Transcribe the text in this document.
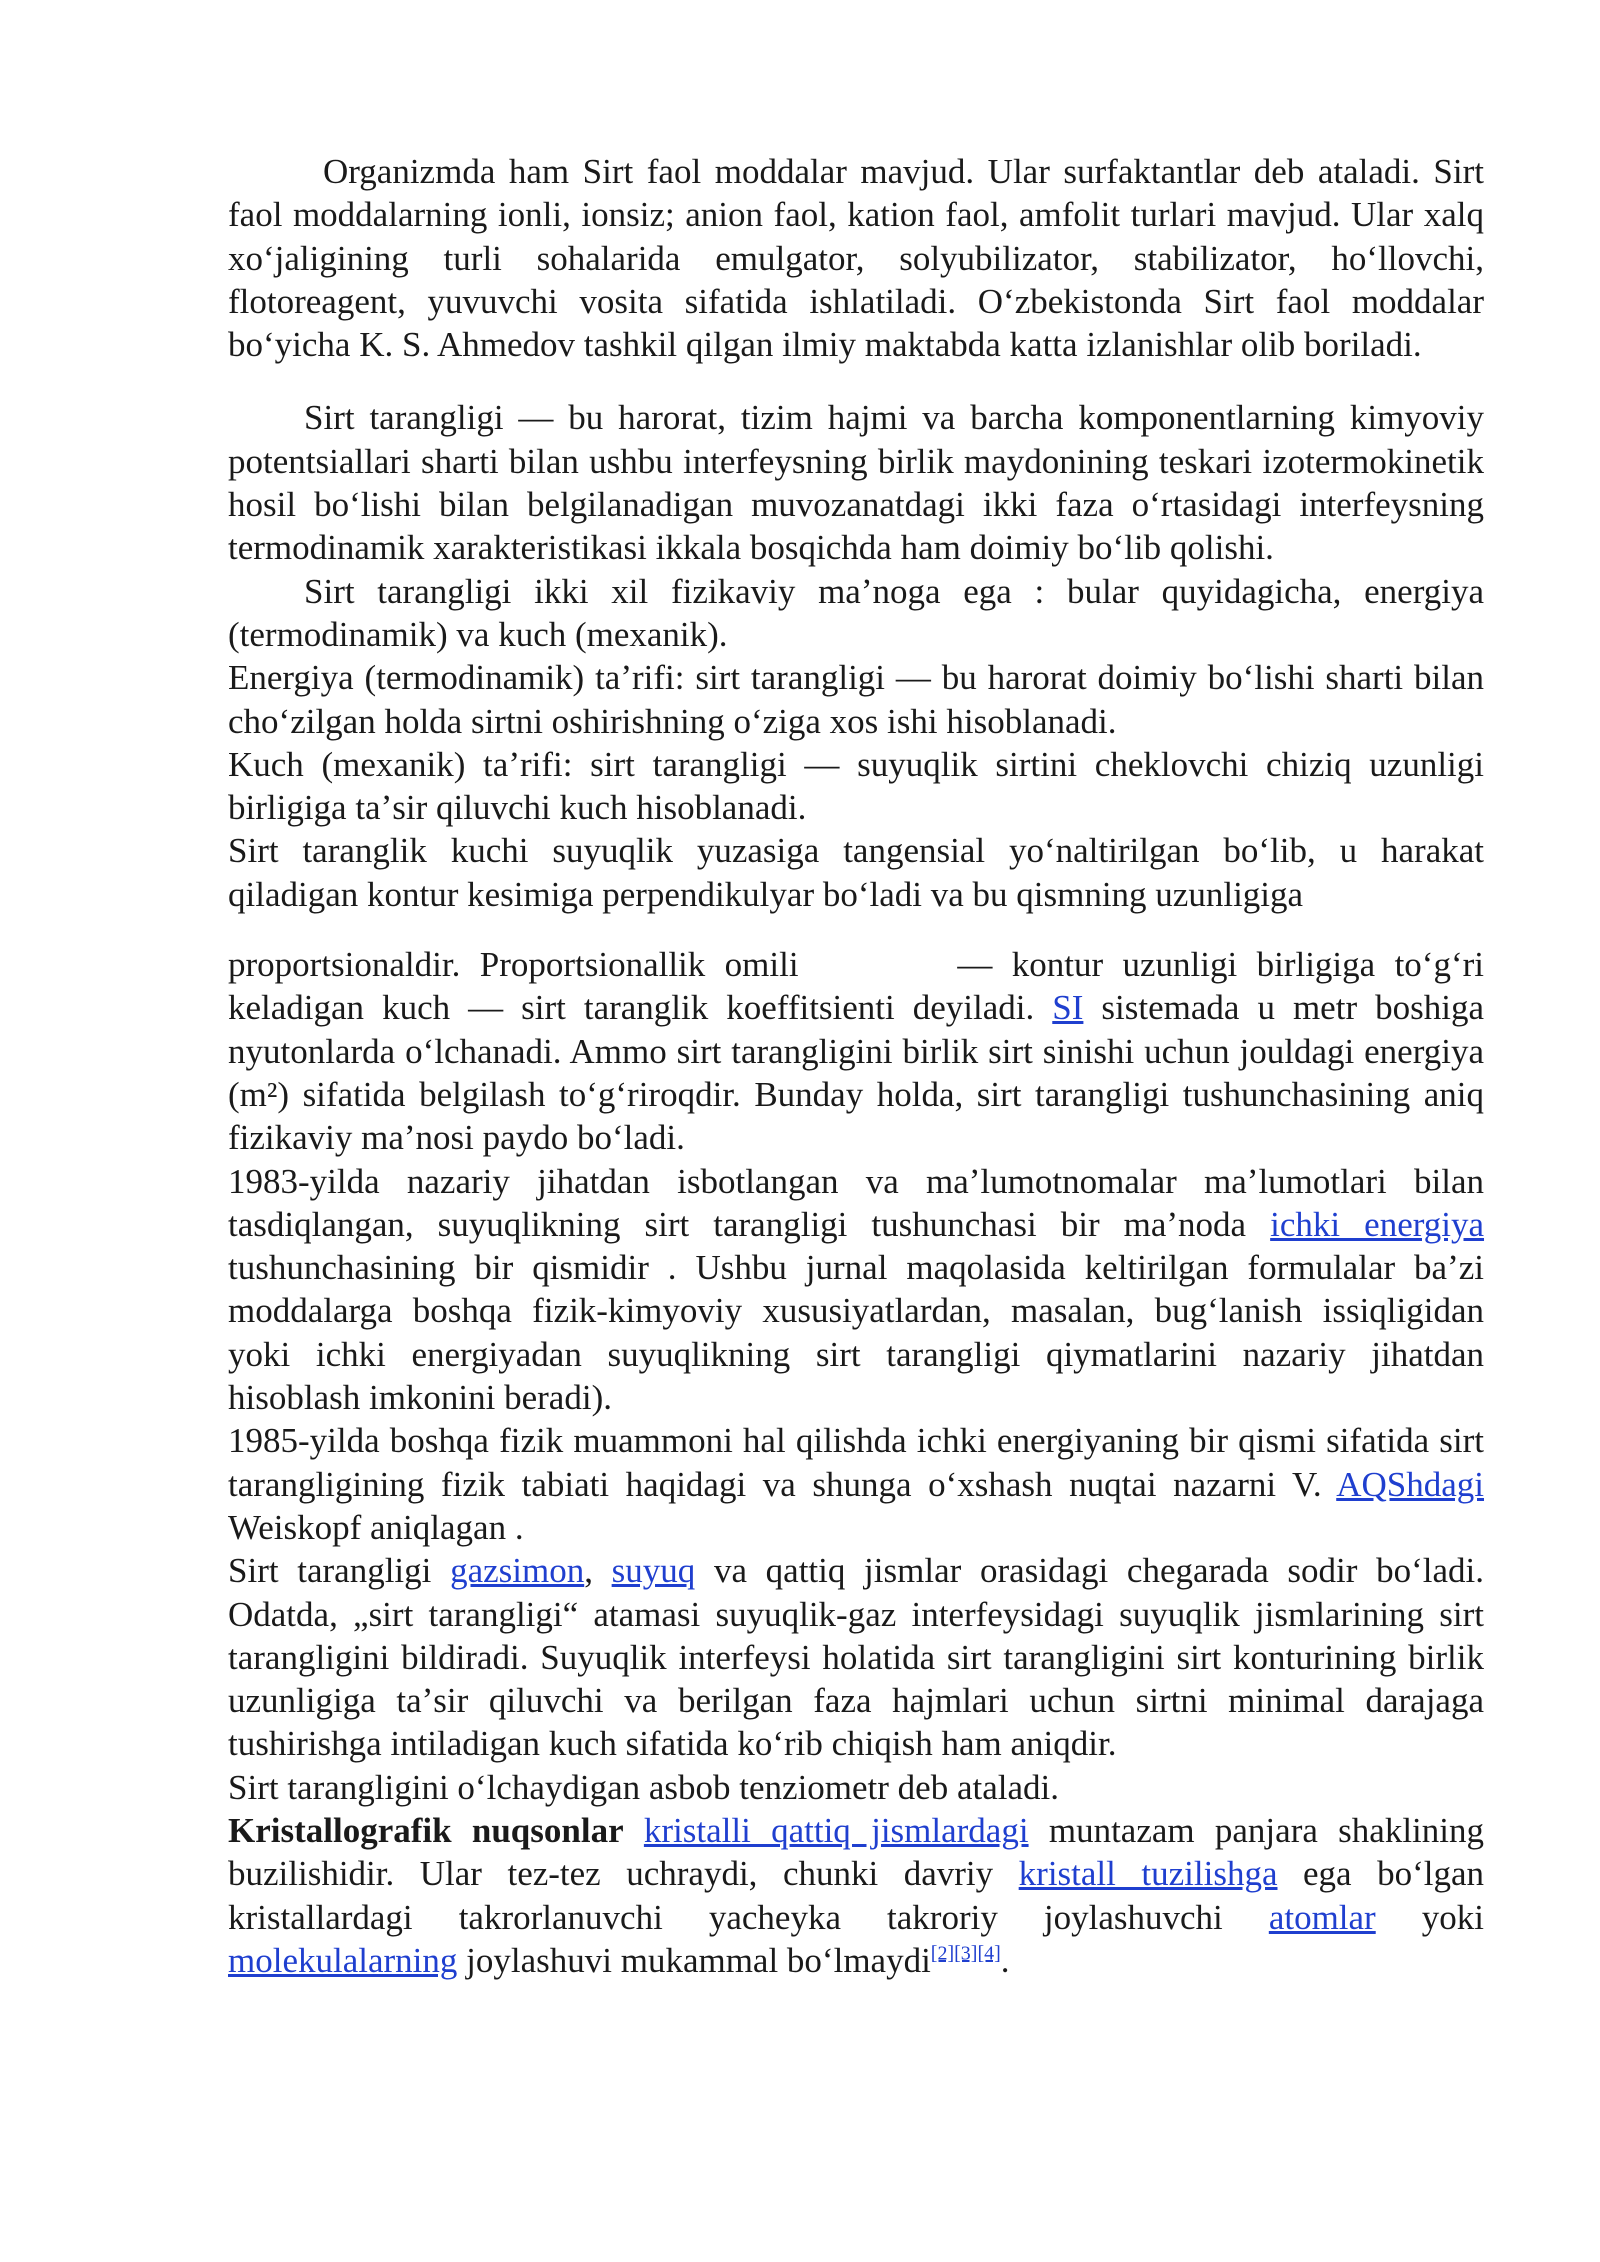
Organizmda ham Sirt faol moddalar mavjud. Ular surfaktantlar deb ataladi. Sirt faol moddalarning ionli, ionsiz; anion faol, kation faol, amfolit turlari mavjud. Ular xalq xoʻjaligining turli sohalarida emulgator, solyubilizator, stabilizator, hoʻllovchi, flotoreagent, yuvuvchi vosita sifatida ishlatiladi. Oʻzbekistonda Sirt faol moddalar boʻyicha K. S. Ahmedov tashkil qilgan ilmiy maktabda katta izlanishlar olib boriladi.

Sirt tarangligi — bu harorat, tizim hajmi va barcha komponentlarning kimyoviy potentsiallari sharti bilan ushbu interfeysning birlik maydonining teskari izotermokinetik hosil boʻlishi bilan belgilanadigan muvozanatdagi ikki faza oʻrtasidagi interfeysning termodinamik xarakteristikasi ikkala bosqichda ham doimiy boʻlib qolishi.

Sirt tarangligi ikki xil fizikaviy maʼnoga ega : bular quyidagicha, energiya (termodinamik) va kuch (mexanik).

Energiya (termodinamik) taʼrifi: sirt tarangligi — bu harorat doimiy boʻlishi sharti bilan choʻzilgan holda sirtni oshirishning oʻziga xos ishi hisoblanadi.

Kuch (mexanik) taʼrifi: sirt tarangligi — suyuqlik sirtini cheklovchi chiziq uzunligi birligiga taʼsir qiluvchi kuch hisoblanadi.

Sirt taranglik kuchi suyuqlik yuzasiga tangensial yoʻnaltirilgan boʻlib, u harakat qiladigan kontur kesimiga perpendikulyar boʻladi va bu qismning uzunligiga

proportsionaldir. Proportsionallik omili	— kontur uzunligi birligiga toʻgʻri keladigan kuch — sirt taranglik koeffitsienti deyiladi. SI sistemada u metr boshiga nyutonlarda oʻlchanadi. Ammo sirt tarangligini birlik sirt sinishi uchun jouldagi energiya (m²) sifatida belgilash toʻgʻriroqdir. Bunday holda, sirt tarangligi tushunchasining aniq fizikaviy maʼnosi paydo boʻladi.

1983-yilda nazariy jihatdan isbotlangan va maʼlumotnomalar maʼlumotlari bilan tasdiqlangan, suyuqlikning sirt tarangligi tushunchasi bir maʼnoda ichki energiya tushunchasining bir qismidir . Ushbu jurnal maqolasida keltirilgan formulalar baʼzi moddalarga boshqa fizik-kimyoviy xususiyatlardan, masalan, bugʻlanish issiqligidan yoki ichki energiyadan suyuqlikning sirt tarangligi qiymatlarini nazariy jihatdan hisoblash imkonini beradi).

1985-yilda boshqa fizik muammoni hal qilishda ichki energiyaning bir qismi sifatida sirt tarangligining fizik tabiati haqidagi va shunga oʻxshash nuqtai nazarni V. AQShdagi Weiskopf aniqlagan .

Sirt tarangligi gazsimon, suyuq va qattiq jismlar orasidagi chegarada sodir boʻladi. Odatda, „sirt tarangligi“ atamasi suyuqlik-gaz interfeysidagi suyuqlik jismlarining sirt tarangligini bildiradi. Suyuqlik interfeysi holatida sirt tarangligini sirt konturining birlik uzunligiga taʼsir qiluvchi va berilgan faza hajmlari uchun sirtni minimal darajaga tushirishga intiladigan kuch sifatida koʻrib chiqish ham aniqdir.

Sirt tarangligini oʻlchaydigan asbob tenziometr deb ataladi.

Kristallografik nuqsonlar kristalli qattiq jismlardagi muntazam panjara shaklining buzilishidir. Ular tez-tez uchraydi, chunki davriy kristall tuzilishga ega boʻlgan kristallardagi takrorlanuvchi yacheyka takroriy joylashuvchi atomlar yoki molekulalarning joylashuvi mukammal boʻlmaydi[2][3][4].
